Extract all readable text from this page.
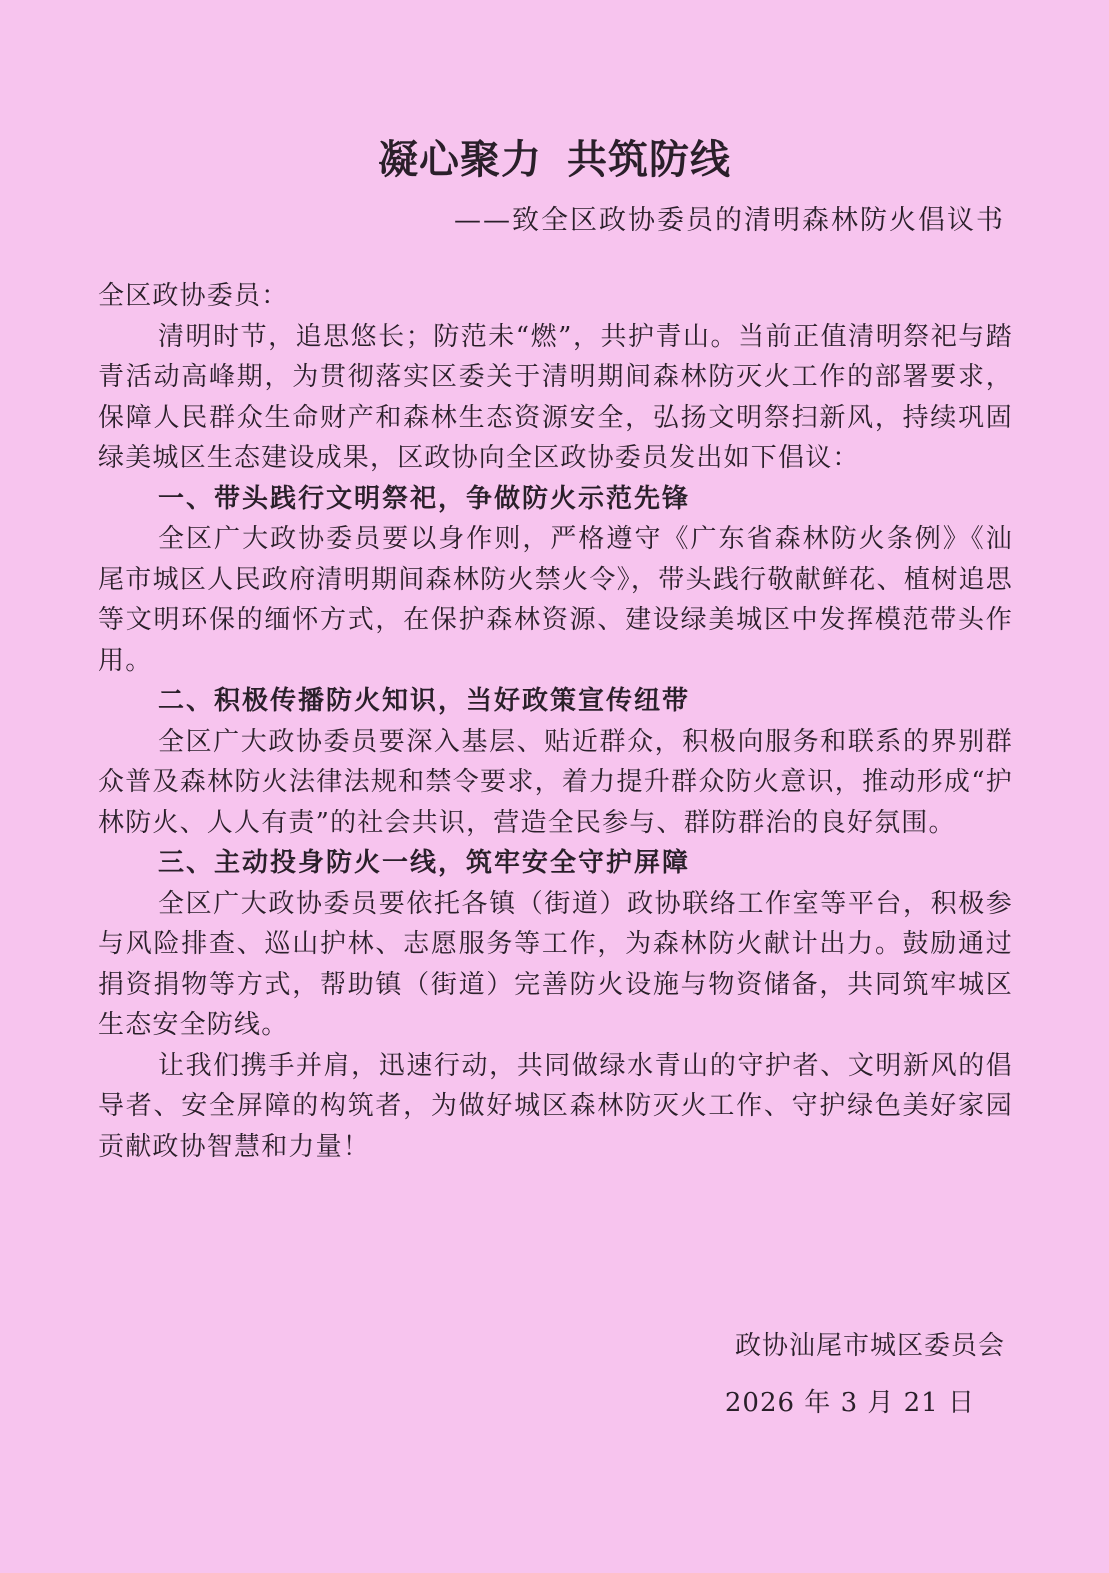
凝心聚力 共筑防线

——致全区政协委员的清明森林防火倡议书

全区政协委员：

清明时节，追思悠长；防范未“燃”，共护青山。当前正值清明祭祀与踏青活动高峰期，为贯彻落实区委关于清明期间森林防灭火工作的部署要求，保障人民群众生命财产和森林生态资源安全，弘扬文明祭扫新风，持续巩固绿美城区生态建设成果，区政协向全区政协委员发出如下倡议：

一、带头践行文明祭祀，争做防火示范先锋

全区广大政协委员要以身作则，严格遵守《广东省森林防火条例》《汕尾市城区人民政府清明期间森林防火禁火令》，带头践行敬献鲜花、植树追思等文明环保的缅怀方式，在保护森林资源、建设绿美城区中发挥模范带头作用。

二、积极传播防火知识，当好政策宣传纽带

全区广大政协委员要深入基层、贴近群众，积极向服务和联系的界别群众普及森林防火法律法规和禁令要求，着力提升群众防火意识，推动形成“护林防火、人人有责”的社会共识，营造全民参与、群防群治的良好氛围。

三、主动投身防火一线，筑牢安全守护屏障

全区广大政协委员要依托各镇（街道）政协联络工作室等平台，积极参与风险排查、巡山护林、志愿服务等工作，为森林防火献计出力。鼓励通过捐资捐物等方式，帮助镇（街道）完善防火设施与物资储备，共同筑牢城区生态安全防线。

让我们携手并肩，迅速行动，共同做绿水青山的守护者、文明新风的倡导者、安全屏障的构筑者，为做好城区森林防灭火工作、守护绿色美好家园贡献政协智慧和力量！

政协汕尾市城区委员会

2026 年 3 月 21 日
